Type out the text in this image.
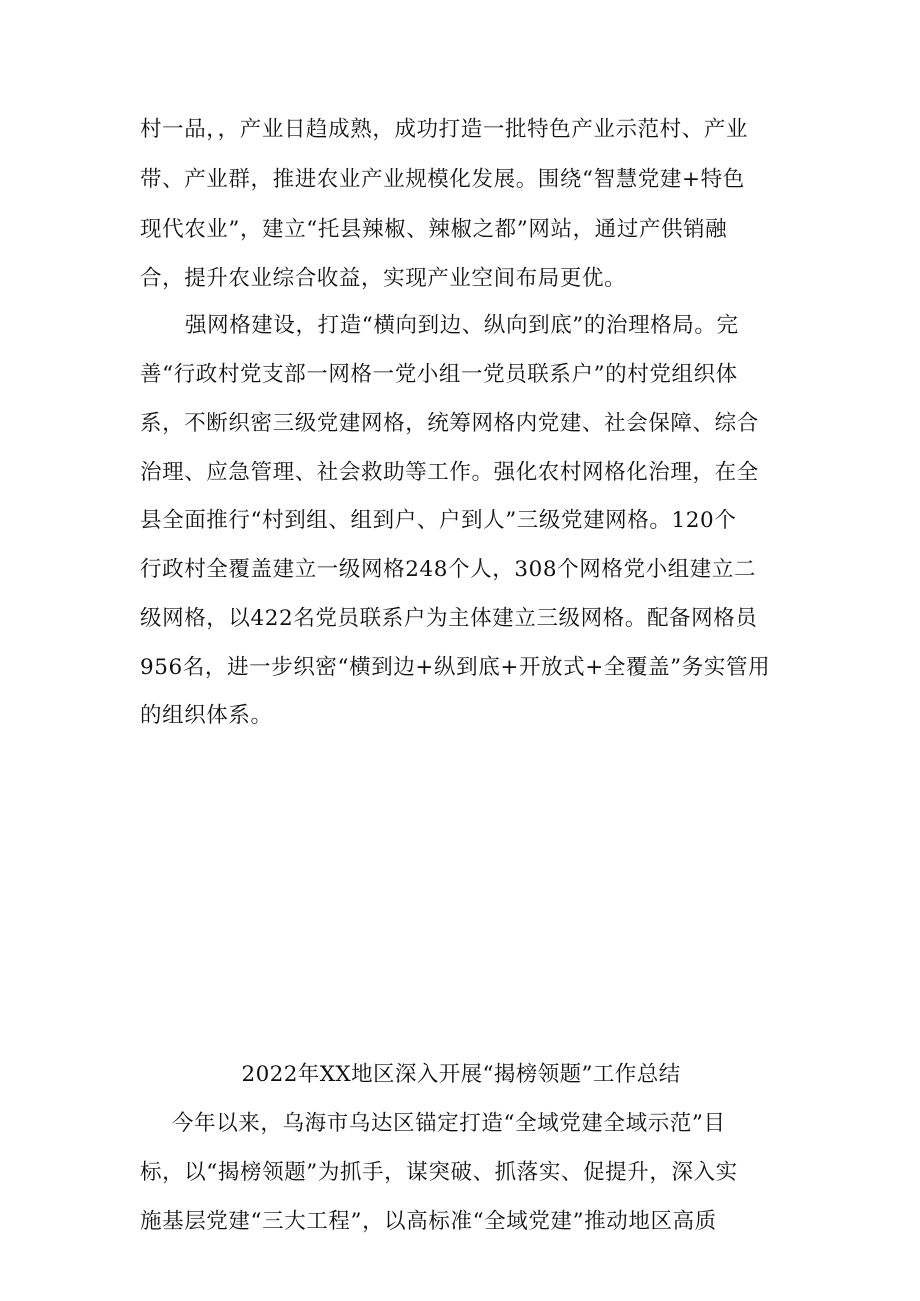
村一品，，产业日趋成熟，成功打造一批特色产业示范村、产业
带、产业群，推进农业产业规模化发展。围绕“智慧党建+特色
现代农业”，建立“托县辣椒、辣椒之都”网站，通过产供销融
合，提升农业综合收益，实现产业空间布局更优。
强网格建设，打造“横向到边、纵向到底”的治理格局。完
善“行政村党支部一网格一党小组一党员联系户”的村党组织体
系，不断织密三级党建网格，统筹网格内党建、社会保障、综合
治理、应急管理、社会救助等工作。强化农村网格化治理，在全
县全面推行“村到组、组到户、户到人”三级党建网格。120个
行政村全覆盖建立一级网格248个人，308个网格党小组建立二
级网格，以422名党员联系户为主体建立三级网格。配备网格员
956名，进一步织密“横到边+纵到底+开放式+全覆盖”务实管用
的组织体系。
2022年XX地区深入开展“揭榜领题”工作总结
今年以来，乌海市乌达区锚定打造“全域党建全域示范”目
标，以“揭榜领题”为抓手，谋突破、抓落实、促提升，深入实
施基层党建“三大工程”，以高标准“全域党建”推动地区高质
